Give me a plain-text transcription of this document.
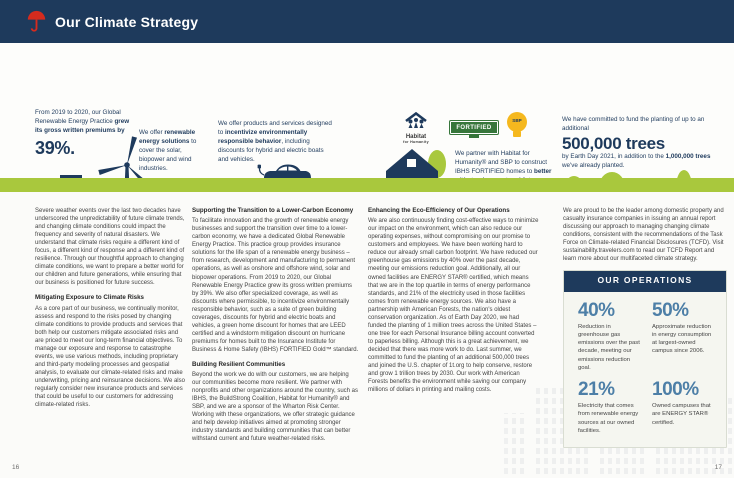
Our Climate Strategy
From 2019 to 2020, our Global Renewable Energy Practice grew its gross written premiums by
39%.
We offer renewable energy solutions to cover the solar, biopower and wind industries.
We offer products and services designed to incentivize environmentally responsible behavior, including discounts for hybrid and electric boats and vehicles.
Habitat
for Humanity
FORTIFIED
SBP
We partner with Habitat for Humanity® and SBP to construct IBHS FORTIFIED homes to better
We have committed to fund the planting of up to an additional
500,000 trees
by Earth Day 2021, in addition to the 1,000,000 trees we've already planted.

Severe weather events over the last two decades have underscored the unpredictability of future climate trends, and changing climate conditions could impact the frequency and severity of natural disasters. We understand that climate risks require a different kind of focus, a different kind of response and a different kind of resilience. Through our thoughtful approach to changing climate conditions, we want to prepare a better world for our children and future generations, while ensuring that our business is positioned for future success.

Mitigating Exposure to Climate Risks

As a core part of our business, we continually monitor, assess and respond to the risks posed by changing climate conditions to provide products and services that both help our customers mitigate associated risks and are priced to meet our long-term financial objectives. To manage our exposure and response to catastrophe events, we use various methods, including proprietary and third-party modeling processes and geospatial analysis, to evaluate our climate-related risks and make underwriting, pricing and reinsurance decisions. We also regularly consider new insurance products and services that could be useful to our customers for addressing climate-related risks.

Supporting the Transition to a Lower-Carbon Economy

To facilitate innovation and the growth of renewable energy businesses and support the transition over time to a lower-carbon economy, we have a dedicated Global Renewable Energy Practice. This practice group provides insurance solutions for the life span of a renewable energy business – from research, development and manufacturing to permanent operations, as well as onshore and offshore wind, solar and biopower operations. From 2019 to 2020, our Global Renewable Energy Practice grew its gross written premiums by 39%. We also offer specialized coverage, as well as discounts where permissible, to incentivize environmentally responsible behavior, such as a suite of green building coverages, discounts for hybrid and electric boats and vehicles, a green home discount for homes that are LEED certified and a windstorm mitigation discount on hurricane premiums for homes built to the Insurance Institute for Business & Home Safety (IBHS) FORTIFIED Gold™ standard.

Building Resilient Communities

Beyond the work we do with our customers, we are helping our communities become more resilient. We partner with nonprofits and other organizations around the country, such as IBHS, the BuildStrong Coalition, Habitat for Humanity® and SBP, and we are a sponsor of the Wharton Risk Center. Working with these organizations, we offer strategic guidance and help develop initiatives aimed at promoting stronger industry standards and building communities that can better withstand current and future weather-related risks.

Enhancing the Eco-Efficiency of Our Operations

We are also continuously finding cost-effective ways to minimize our impact on the environment, which can also reduce our operating expenses, without compromising on our promise to customers and employees. We have been working hard to reduce our already small carbon footprint. We have reduced our greenhouse gas emissions by 40% over the past decade, meeting our emissions reduction goal. Additionally, all our owned facilities are ENERGY STAR® certified, which means that we are in the top quartile in terms of energy performance standards, and 21% of the electricity used in those facilities comes from renewable energy sources. We also have a partnership with American Forests, the nation's oldest conservation organization. As of Earth Day 2020, we had funded the planting of 1 million trees across the United States – one tree for each Personal Insurance billing account converted to paperless billing. Although this is a great achievement, we decided that there was more work to do. Last summer, we committed to fund the planting of an additional 500,000 trees and joined the U.S. chapter of 1t.org to help conserve, restore and grow 1 trillion trees by 2030. Our work with American Forests benefits the environment while saving our company millions of dollars in printing and mailing costs.

We are proud to be the leader among domestic property and casualty insurance companies in issuing an annual report discussing our approach to managing changing climate conditions, consistent with the recommendations of the Task Force on Climate-related Financial Disclosures (TCFD). Visit sustainability.travelers.com to read our TCFD Report and learn more about our multifaceted climate strategy.

OUR OPERATIONS
40%
Reduction in greenhouse gas emissions over the past decade, meeting our emissions reduction goal.
50%
Approximate reduction in energy consumption at largest-owned campus since 2006.
21%
Electricity that comes from renewable energy sources at our owned facilities.
100%
Owned campuses that are ENERGY STAR® certified.
16	17
